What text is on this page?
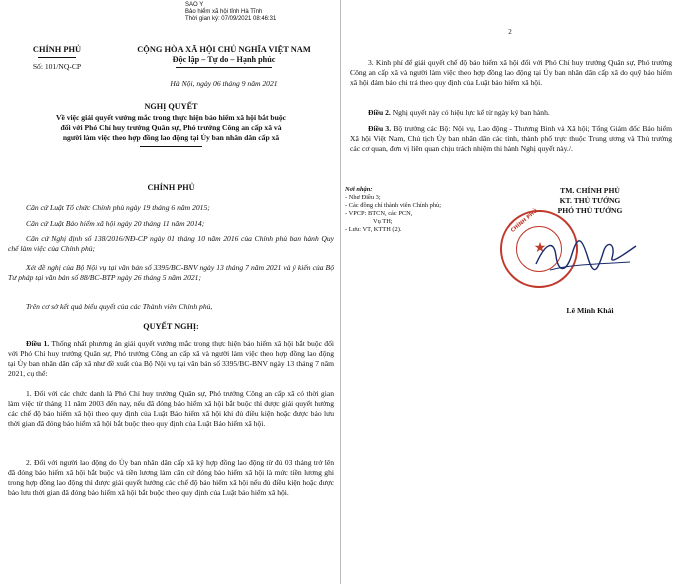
SAO Y
Bảo hiểm xã hội tỉnh Hà Tĩnh
Thời gian ký: 07/09/2021 08:46:31
CHÍNH PHỦ
Số: 101/NQ-CP
CỘNG HÒA XÃ HỘI CHỦ NGHĨA VIỆT NAM
Độc lập – Tự do – Hạnh phúc
Hà Nội, ngày 06 tháng 9 năm 2021
NGHỊ QUYẾT
Về việc giải quyết vướng mắc trong thực hiện bảo hiểm xã hội bắt buộc
đối với Phó Chỉ huy trưởng Quân sự, Phó trưởng Công an cấp xã và
người làm việc theo hợp đồng lao động tại Ủy ban nhân dân cấp xã
CHÍNH PHỦ
Căn cứ Luật Tổ chức Chính phủ ngày 19 tháng 6 năm 2015;
Căn cứ Luật Bảo hiểm xã hội ngày 20 tháng 11 năm 2014;
Căn cứ Nghị định số 138/2016/NĐ-CP ngày 01 tháng 10 năm 2016 của Chính phủ ban hành Quy chế làm việc của Chính phủ;
Xét đề nghị của Bộ Nội vụ tại văn bản số 3395/BC-BNV ngày 13 tháng 7 năm 2021 và ý kiến của Bộ Tư pháp tại văn bản số 88/BC-BTP ngày 26 tháng 5 năm 2021;
Trên cơ sở kết quả biểu quyết của các Thành viên Chính phủ,
QUYẾT NGHỊ:
Điều 1. Thống nhất phương án giải quyết vướng mắc trong thực hiện bảo hiểm xã hội bắt buộc đối với Phó Chỉ huy trưởng Quân sự, Phó trưởng Công an cấp xã và người làm việc theo hợp đồng lao động tại Ủy ban nhân dân cấp xã như đề xuất của Bộ Nội vụ tại văn bản số 3395/BC-BNV ngày 13 tháng 7 năm 2021, cụ thể:
1. Đối với các chức danh là Phó Chỉ huy trưởng Quân sự, Phó trưởng Công an cấp xã có thời gian làm việc từ tháng 11 năm 2003 đến nay, nếu đã đóng bảo hiểm xã hội bắt buộc thì được giải quyết hưởng các chế độ bảo hiểm xã hội theo quy định của Luật Bảo hiểm xã hội khi đủ điều kiện hoặc được bảo lưu thời gian đã đóng bảo hiểm xã hội bắt buộc theo quy định của Luật Bảo hiểm xã hội.
2. Đối với người lao động do Ủy ban nhân dân cấp xã ký hợp đồng lao động từ đủ 03 tháng trở lên đã đóng bảo hiểm xã hội bắt buộc và tiền lương làm căn cứ đóng bảo hiểm xã hội là mức tiền lương ghi trong hợp đồng lao động thì được giải quyết hưởng các chế độ bảo hiểm xã hội nếu đủ điều kiện hoặc được bảo lưu thời gian đã đóng bảo hiểm xã hội bắt buộc theo quy định của Luật bảo hiểm xã hội.
2
3. Kinh phí để giải quyết chế độ bảo hiểm xã hội đối với Phó Chỉ huy trưởng Quân sự, Phó trưởng Công an cấp xã và người làm việc theo hợp đồng lao động tại Ủy ban nhân dân cấp xã do quỹ bảo hiểm xã hội đảm bảo chi trả theo quy định của Luật bảo hiểm xã hội.
Điều 2. Nghị quyết này có hiệu lực kể từ ngày ký ban hành.
Điều 3. Bộ trưởng các Bộ: Nội vụ, Lao động - Thương Binh và Xã hội; Tổng Giám đốc Bảo hiểm Xã hội Việt Nam, Chủ tịch Ủy ban nhân dân các tỉnh, thành phố trực thuộc Trung ương và Thủ trưởng các cơ quan, đơn vị liên quan chịu trách nhiệm thi hành Nghị quyết này./.
Nơi nhận:
- Như Điều 3;
- Các đồng chí thành viên Chính phủ;
- VPCP: BTCN, các PCN,
Vụ TH;
- Lưu: VT, KTTH (2).
TM. CHÍNH PHỦ
KT. THỦ TƯỚNG
PHÓ THỦ TƯỚNG
CHÍNH PHỦ
★
Lê Minh Khải
